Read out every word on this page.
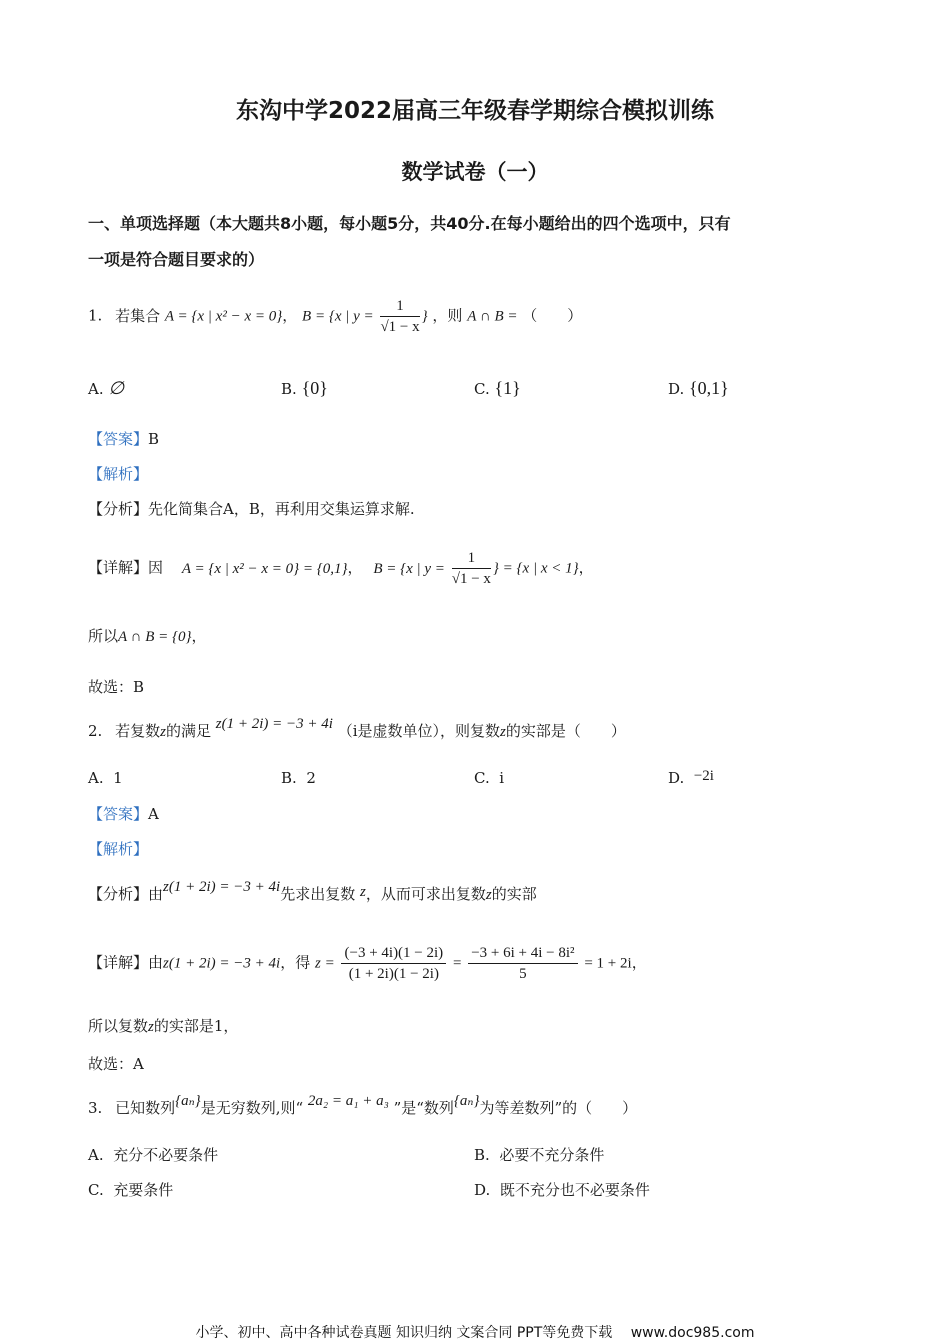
东沟中学2022届高三年级春学期综合模拟训练
数学试卷（一）
一、单项选择题（本大题共8小题，每小题5分，共40分.在每小题给出的四个选项中，只有
一项是符合题目要求的）
1. 若集合 A = {x | x² − x = 0}， B = {x | $y = \frac{1}{√1 - x}$ } ，则 A ∩ B = （　　）
A. ∅	B. {0}	C. {1}	D. {0,1}
【答案】B
【解析】
【分析】先化简集合A，B，再利用交集运算求解.
【详解】因 A = {x | x² − x = 0} = {0,1}， B = {x | $y = \frac{1}{√1 - x}$ } = {x | x < 1}，
所以A ∩ B = {0}，
故选：B
2. 若复数z的满足 z(1 + 2i) = −3 + 4i （i是虚数单位），则复数z的实部是（　　）
A. 1	B. 2	C. i	D. −2i
【答案】A
【解析】
【分析】由z(1 + 2i) = −3 + 4i先求出复数 z，从而可求出复数z的实部
【详解】由z(1 + 2i) = −3 + 4i，得 $z = \frac{(-3 + 4i)(1 - 2i)}{(1 + 2i)(1 - 2i)} = \frac{\text{−3 + 6i + 4i − 8i²}}{5} = 1 + 2i$，
所以复数z的实部是1，
故选：A
3. 已知数列{aₙ}是无穷数列,则“ 2a₂ = a₁ + a₃ ”是“数列{aₙ}为等差数列”的（　　）
A. 充分不必要条件	B. 必要不充分条件
C. 充要条件	D. 既不充分也不必要条件
小学、初中、高中各种试卷真题 知识归纳 文案合同 PPT等免费下载　 www.doc985.com
